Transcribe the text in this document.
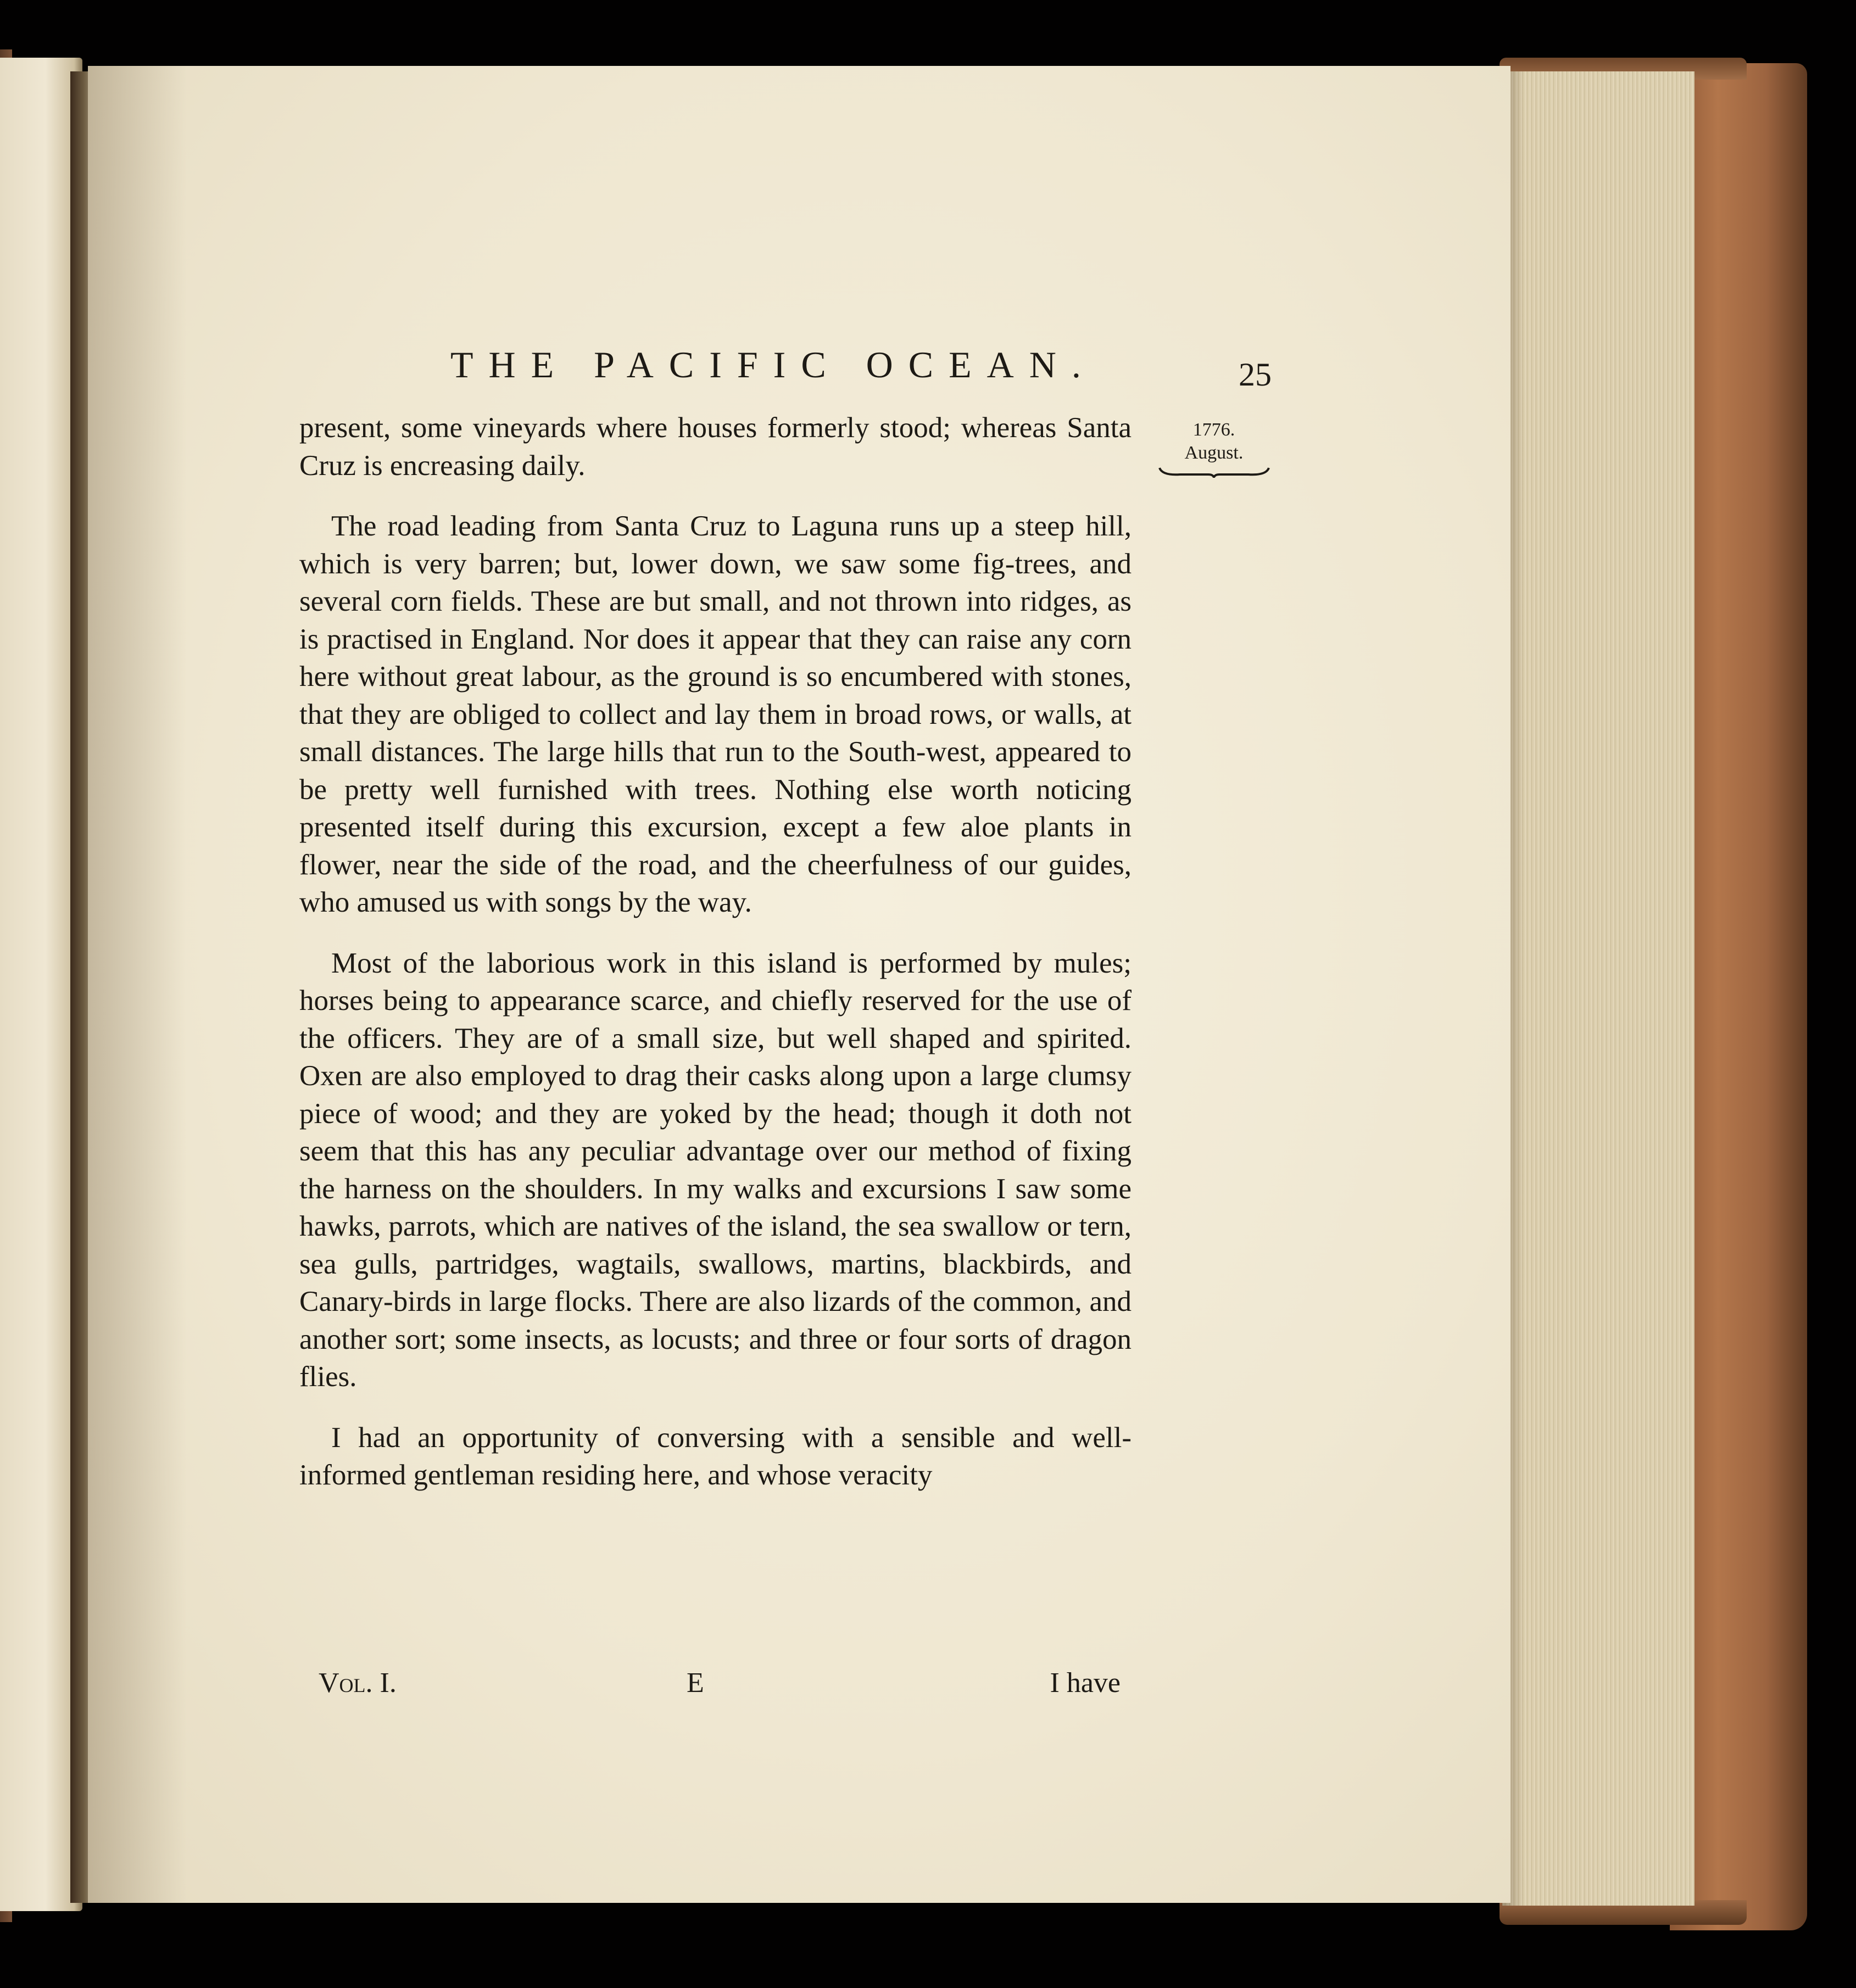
THE PACIFIC OCEAN.	25
1776.
August.

present, some vineyards where houses formerly stood; whereas Santa Cruz is encreasing daily.

The road leading from Santa Cruz to Laguna runs up a steep hill, which is very barren; but, lower down, we saw some fig-trees, and several corn fields. These are but small, and not thrown into ridges, as is practised in England. Nor does it appear that they can raise any corn here without great labour, as the ground is so encumbered with stones, that they are obliged to collect and lay them in broad rows, or walls, at small distances. The large hills that run to the South-west, appeared to be pretty well furnished with trees. Nothing else worth noticing presented itself during this excursion, except a few aloe plants in flower, near the side of the road, and the cheerfulness of our guides, who amused us with songs by the way.

Most of the laborious work in this island is performed by mules; horses being to appearance scarce, and chiefly reserved for the use of the officers. They are of a small size, but well shaped and spirited. Oxen are also employed to drag their casks along upon a large clumsy piece of wood; and they are yoked by the head; though it doth not seem that this has any peculiar advantage over our method of fixing the harness on the shoulders. In my walks and excursions I saw some hawks, parrots, which are natives of the island, the sea swallow or tern, sea gulls, partridges, wagtails, swallows, martins, blackbirds, and Canary-birds in large flocks. There are also lizards of the common, and another sort; some insects, as locusts; and three or four sorts of dragon flies.

I had an opportunity of conversing with a sensible and well-informed gentleman residing here, and whose veracity

Vol. I.	E	I have
